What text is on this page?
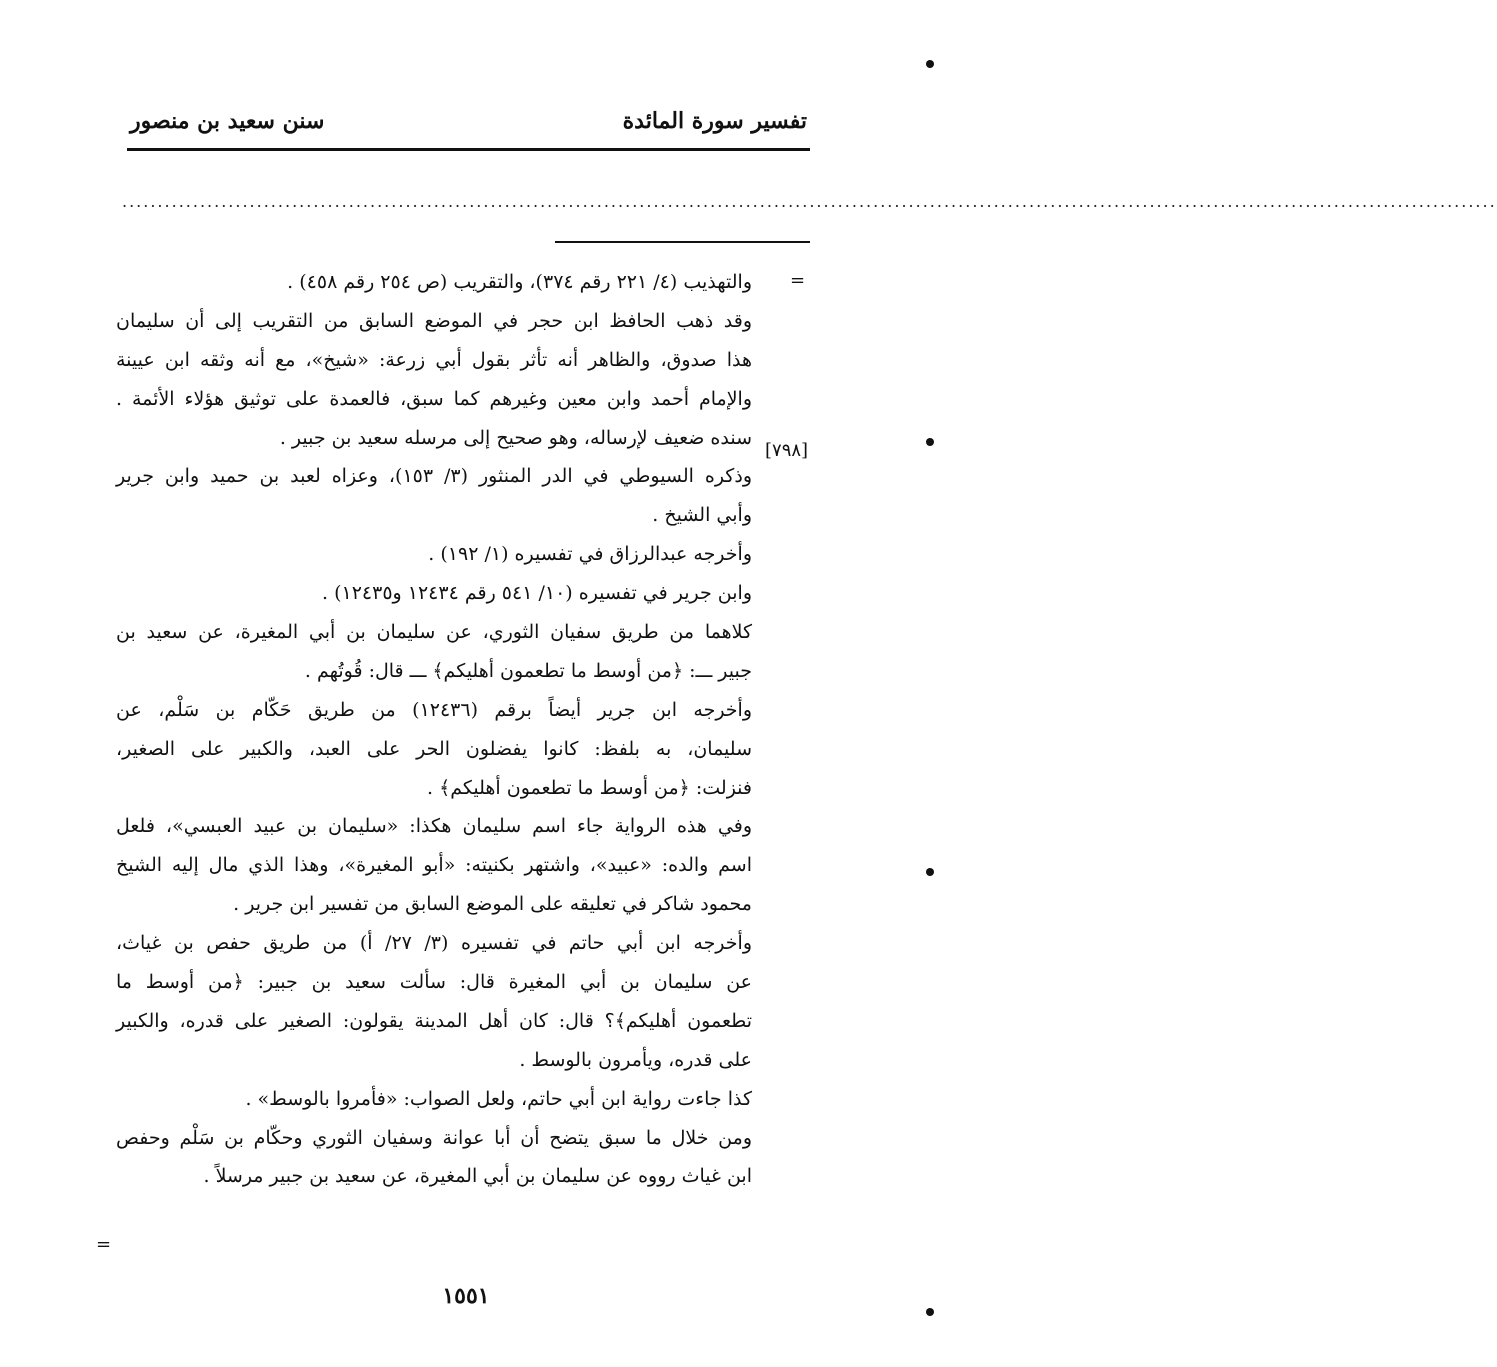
تفسير سورة المائدة
سنن سعيد بن منصور
..................................................................................................................................................................................................
=
[٧٩٨]
=
والتهذيب (٤/ ٢٢١ رقم ٣٧٤)، والتقريب (ص ٢٥٤ رقم ٤٥٨) .
وقد ذهب الحافظ ابن حجر في الموضع السابق من التقريب إلى أن سليمان
هذا صدوق، والظاهر أنه تأثر بقول أبي زرعة: «شيخ»، مع أنه وثقه ابن عيينة
والإمام أحمد وابن معين وغيرهم كما سبق، فالعمدة على توثيق هؤلاء الأئمة .
سنده ضعيف لإرساله، وهو صحيح إلى مرسله سعيد بن جبير .
وذكره السيوطي في الدر المنثور (٣/ ١٥٣)، وعزاه لعبد بن حميد وابن جرير
وأبي الشيخ .
وأخرجه عبدالرزاق في تفسيره (١/ ١٩٢) .
وابن جرير في تفسيره (١٠/ ٥٤١ رقم ١٢٤٣٤ و١٢٤٣٥) .
كلاهما من طريق سفيان الثوري، عن سليمان بن أبي المغيرة، عن سعيد بن
جبير ـــ: ﴿من أوسط ما تطعمون أهليكم﴾ ـــ قال: قُوتُهم .
وأخرجه ابن جرير أيضاً برقم (١٢٤٣٦) من طريق حَكّام بن سَلْم، عن
سليمان، به بلفظ: كانوا يفضلون الحر على العبد، والكبير على الصغير،
فنزلت: ﴿من أوسط ما تطعمون أهليكم﴾ .
وفي هذه الرواية جاء اسم سليمان هكذا: «سليمان بن عبيد العبسي»، فلعل
اسم والده: «عبيد»، واشتهر بكنيته: «أبو المغيرة»، وهذا الذي مال إليه الشيخ
محمود شاكر في تعليقه على الموضع السابق من تفسير ابن جرير .
وأخرجه ابن أبي حاتم في تفسيره (٣/ ٢٧/ أ) من طريق حفص بن غياث،
عن سليمان بن أبي المغيرة قال: سألت سعيد بن جبير: ﴿من أوسط ما
تطعمون أهليكم﴾؟ قال: كان أهل المدينة يقولون: الصغير على قدره، والكبير
على قدره، ويأمرون بالوسط .
كذا جاءت رواية ابن أبي حاتم، ولعل الصواب: «فأمروا بالوسط» .
ومن خلال ما سبق يتضح أن أبا عوانة وسفيان الثوري وحكّام بن سَلْم وحفص
ابن غياث رووه عن سليمان بن أبي المغيرة، عن سعيد بن جبير مرسلاً .
١٥٥١
